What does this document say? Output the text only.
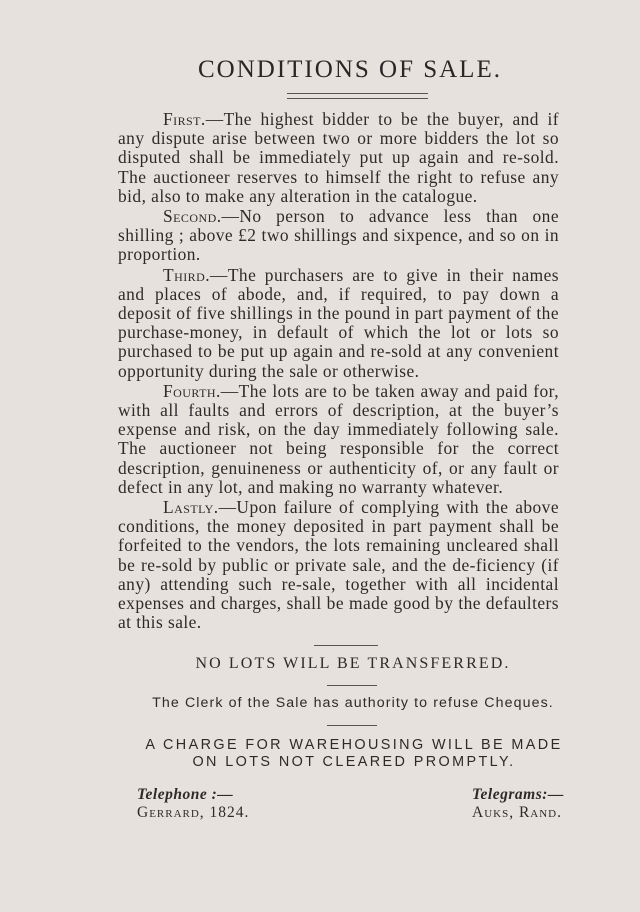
CONDITIONS OF SALE.

First.—The highest bidder to be the buyer, and if any dispute arise between two or more bidders the lot so disputed shall be immediately put up again and re-sold. The auctioneer reserves to himself the right to refuse any bid, also to make any alteration in the catalogue.

Second.—No person to advance less than one shilling ; above £2 two shillings and sixpence, and so on in proportion.

Third.—The purchasers are to give in their names and places of abode, and, if required, to pay down a deposit of five shillings in the pound in part payment of the purchase-money, in default of which the lot or lots so purchased to be put up again and re-sold at any convenient opportunity during the sale or otherwise.

Fourth.—The lots are to be taken away and paid for, with all faults and errors of description, at the buyer’s expense and risk, on the day immediately following sale. The auctioneer not being responsible for the correct description, genuineness or authenticity of, or any fault or defect in any lot, and making no warranty whatever.

Lastly.—Upon failure of complying with the above conditions, the money deposited in part payment shall be forfeited to the vendors, the lots remaining uncleared shall be re-sold by public or private sale, and the de-ficiency (if any) attending such re-sale, together with all incidental expenses and charges, shall be made good by the defaulters at this sale.

NO LOTS WILL BE TRANSFERRED.
The Clerk of the Sale has authority to refuse Cheques.
A CHARGE FOR WAREHOUSING WILL BE MADE
ON LOTS NOT CLEARED PROMPTLY.
Telephone :—
Gerrard, 1824.
Telegrams:—
Auks, Rand.
